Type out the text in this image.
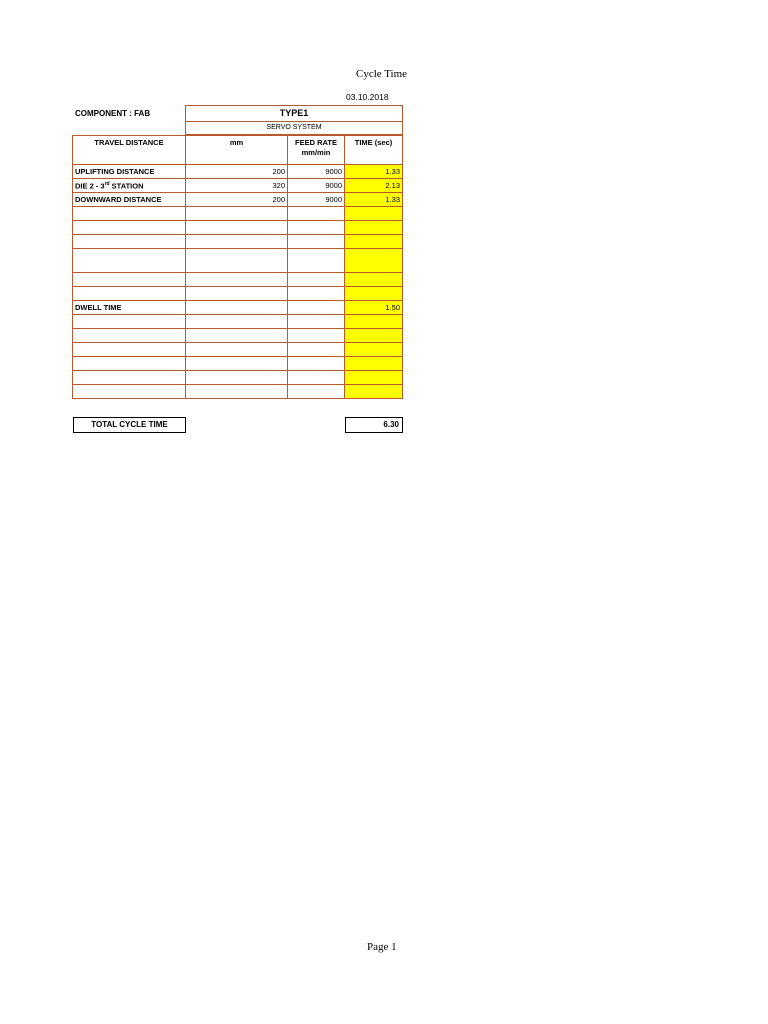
Cycle Time
03.10.2018
COMPONENT : FAB	TYPE1
SERVO SYSTEM
TRAVEL DISTANCE	mm	FEED RATE mm/min	TIME (sec)
UPLIFTING DISTANCE	200	9000	1.33
DIE 2 - 3rd STATION	320	9000	2.13
DOWNWARD DISTANCE	200	9000	1.33

DWELL TIME			1.50

TOTAL CYCLE TIME	6.30
Page 1
